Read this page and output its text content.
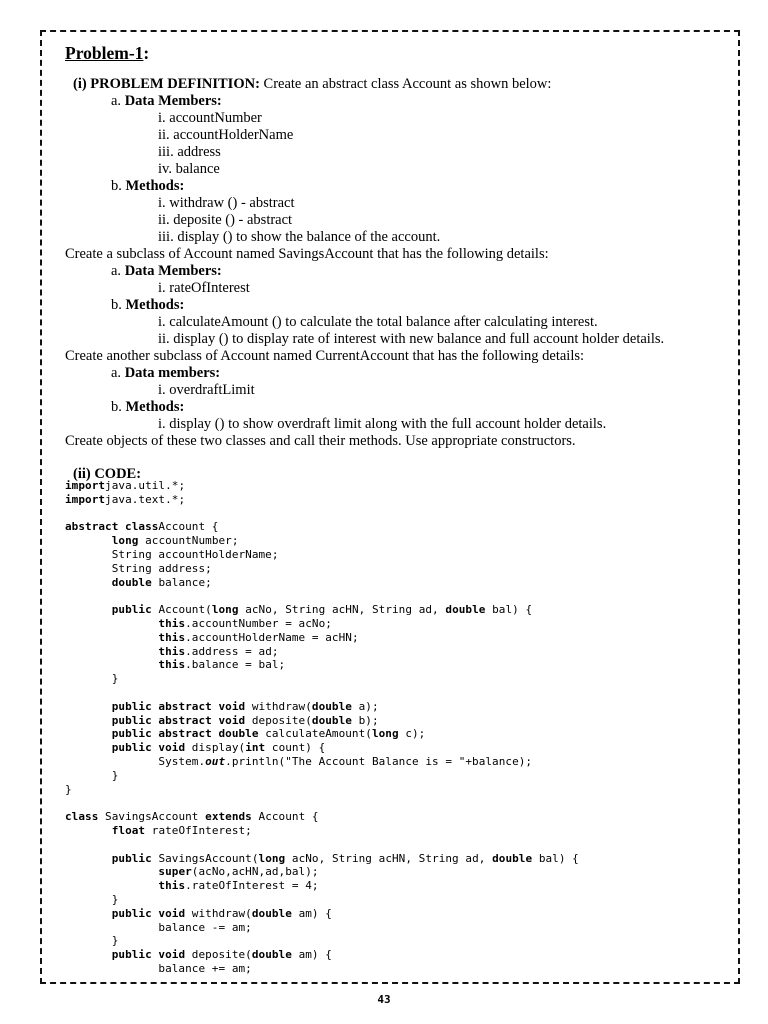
Problem-1:
(i) PROBLEM DEFINITION: Create an abstract class Account as shown below:
a. Data Members:
i. accountNumber
ii. accountHolderName
iii. address
iv. balance
b. Methods:
i. withdraw () - abstract
ii. deposite () - abstract
iii. display () to show the balance of the account.
Create a subclass of Account named SavingsAccount that has the following details:
a. Data Members:
i. rateOfInterest
b. Methods:
i. calculateAmount () to calculate the total balance after calculating interest.
ii. display () to display rate of interest with new balance and full account holder details.
Create another subclass of Account named CurrentAccount that has the following details:
a. Data members:
i. overdraftLimit
b. Methods:
i. display () to show overdraft limit along with the full account holder details.
Create objects of these two classes and call their methods. Use appropriate constructors.
(ii) CODE:
importjava.util.*;
importjava.text.*;
abstract classAccount {
long accountNumber;
String accountHolderName;
String address;
double balance;
public Account(long acNo, String acHN, String ad, double bal) {
this.accountNumber = acNo;
this.accountHolderName = acHN;
this.address = ad;
this.balance = bal;
}
public abstract void withdraw(double a);
public abstract void deposite(double b);
public abstract double calculateAmount(long c);
public void display(int count) {
System.out.println("The Account Balance is = "+balance);
}
}
class SavingsAccount extends Account {
float rateOfInterest;
public SavingsAccount(long acNo, String acHN, String ad, double bal) {
super(acNo,acHN,ad,bal);
this.rateOfInterest = 4;
}
public void withdraw(double am) {
balance -= am;
}
public void deposite(double am) {
balance += am;
43
